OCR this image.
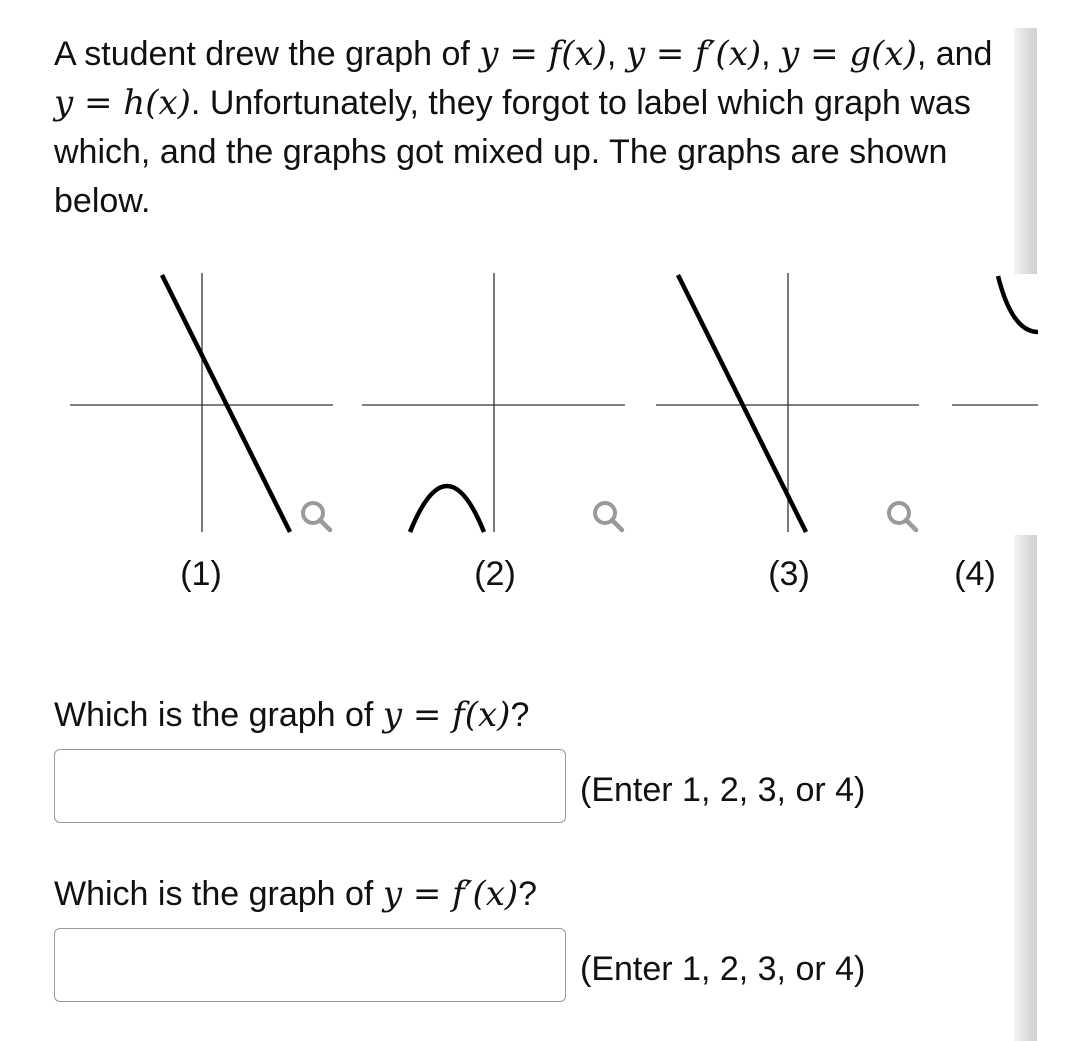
A student drew the graph of y = f(x), y = f′(x), y = g(x), and y = h(x). Unfortunately, they forgot to label which graph was which, and the graphs got mixed up. The graphs are shown below.
(1)	(2)	(3)	(4)
Which is the graph of y = f(x)?
(Enter 1, 2, 3, or 4)
Which is the graph of y = f′(x)?
(Enter 1, 2, 3, or 4)
